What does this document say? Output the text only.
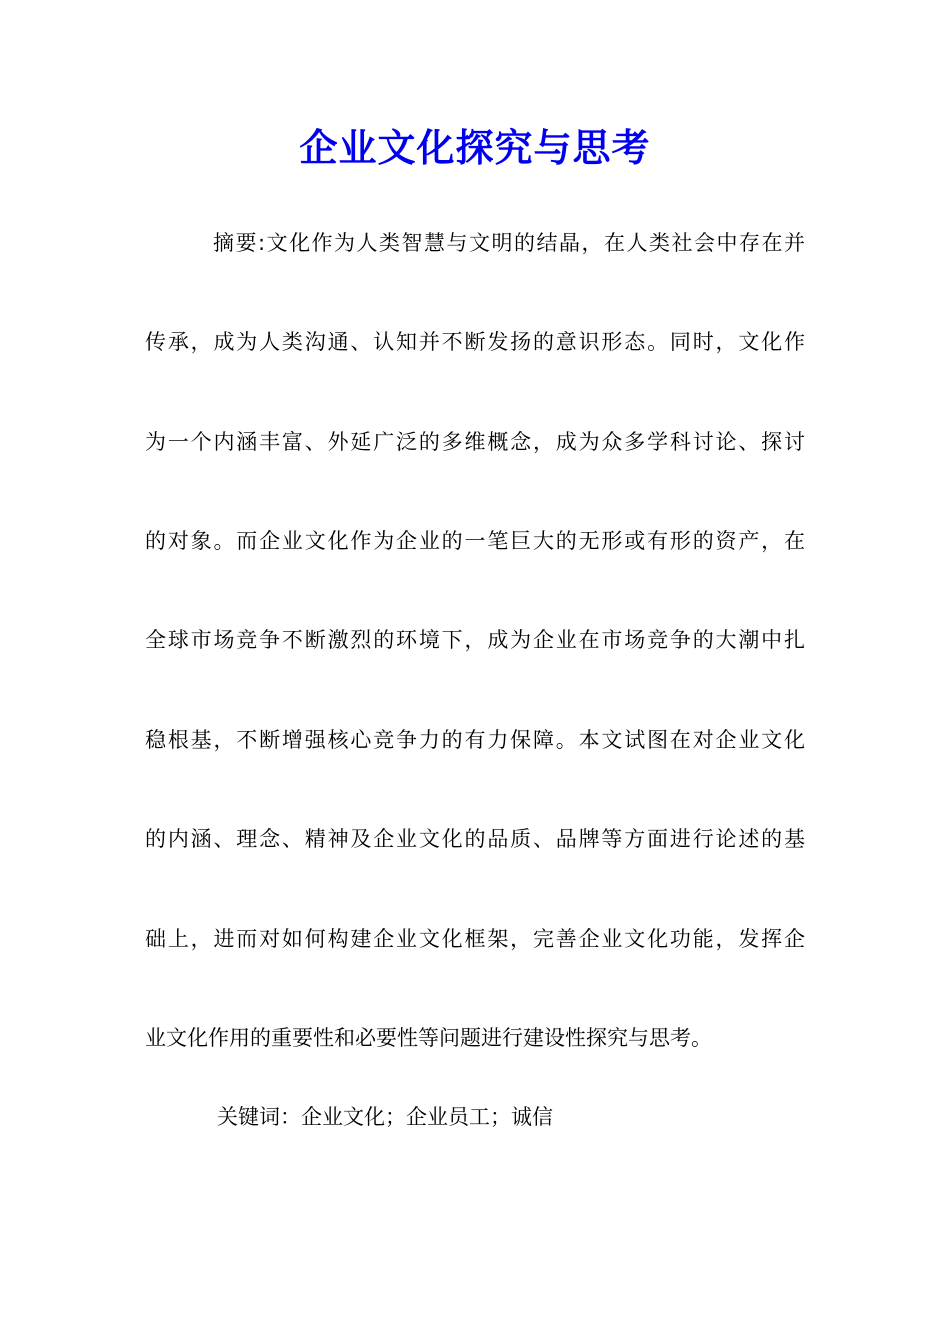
企业文化探究与思考
摘要:文化作为人类智慧与文明的结晶，在人类社会中存在并
传承，成为人类沟通、认知并不断发扬的意识形态。同时，文化作
为一个内涵丰富、外延广泛的多维概念，成为众多学科讨论、探讨
的对象。而企业文化作为企业的一笔巨大的无形或有形的资产，在
全球市场竞争不断激烈的环境下，成为企业在市场竞争的大潮中扎
稳根基，不断增强核心竞争力的有力保障。本文试图在对企业文化
的内涵、理念、精神及企业文化的品质、品牌等方面进行论述的基
础上，进而对如何构建企业文化框架，完善企业文化功能，发挥企
业文化作用的重要性和必要性等问题进行建设性探究与思考。
关键词：企业文化；企业员工；诚信
